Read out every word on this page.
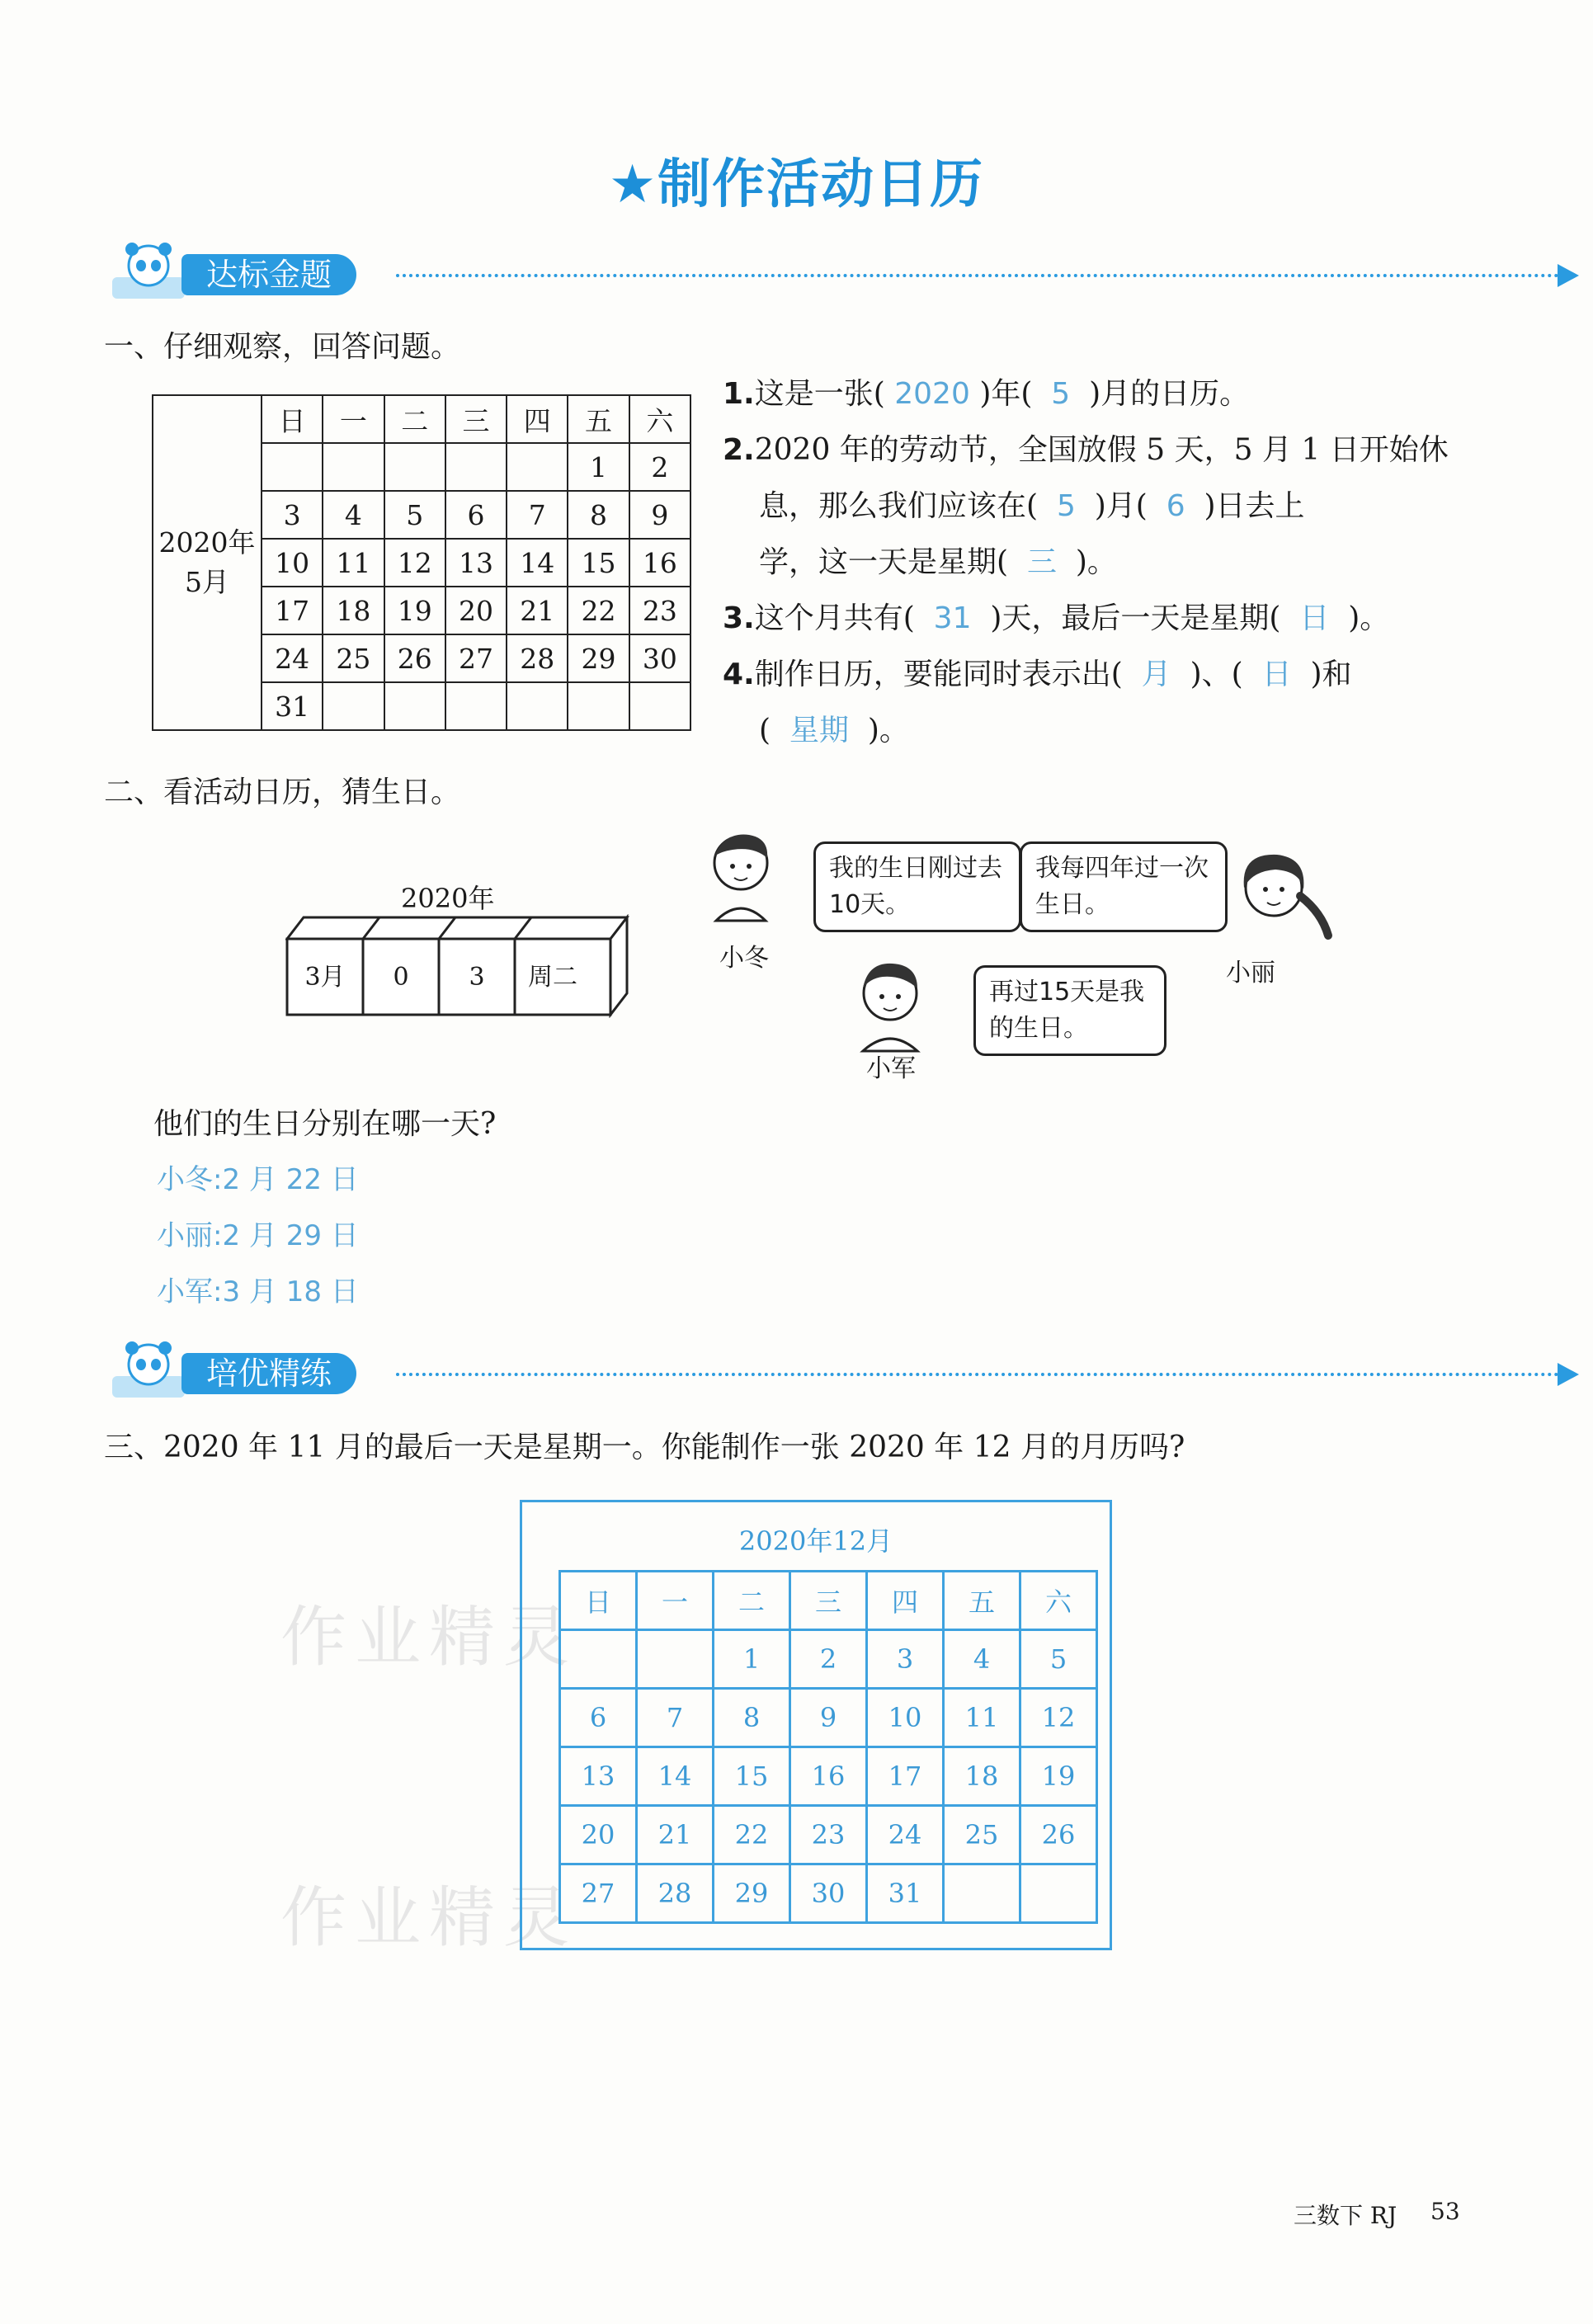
★制作活动日历
达标金题
一、仔细观察，回答问题。
2020年
5月	日	一	二	三	四	五	六
						1	2
	3	4	5	6	7	8	9
	10	11	12	13	14	15	16
	17	18	19	20	21	22	23
	24	25	26	27	28	29	30
	31						
1.这是一张( 2020 )年( 5 )月的日历。
2.2020 年的劳动节，全国放假 5 天，5 月 1 日开始休
息，那么我们应该在( 5 )月( 6 )日去上
学，这一天是星期( 三 )。
3.这个月共有( 31 )天，最后一天是星期( 日 )。
4.制作日历，要能同时表示出( 月 )、( 日 )和
( 星期 )。
二、看活动日历，猜生日。
2020年
3月	0	3	周二
小冬
我的生日刚过去10天。
我每四年过一次生日。
小丽
小军
再过15天是我的生日。
他们的生日分别在哪一天?
小冬:2 月 22 日
小丽:2 月 29 日
小军:3 月 18 日
培优精练
三、2020 年 11 月的最后一天是星期一。你能制作一张 2020 年 12 月的月历吗?
作业精灵
作业精灵
2020年12月
日	一	二	三	四	五	六
		1	2	3	4	5
6	7	8	9	10	11	12
13	14	15	16	17	18	19
20	21	22	23	24	25	26
27	28	29	30	31		
三数下 RJ 53
